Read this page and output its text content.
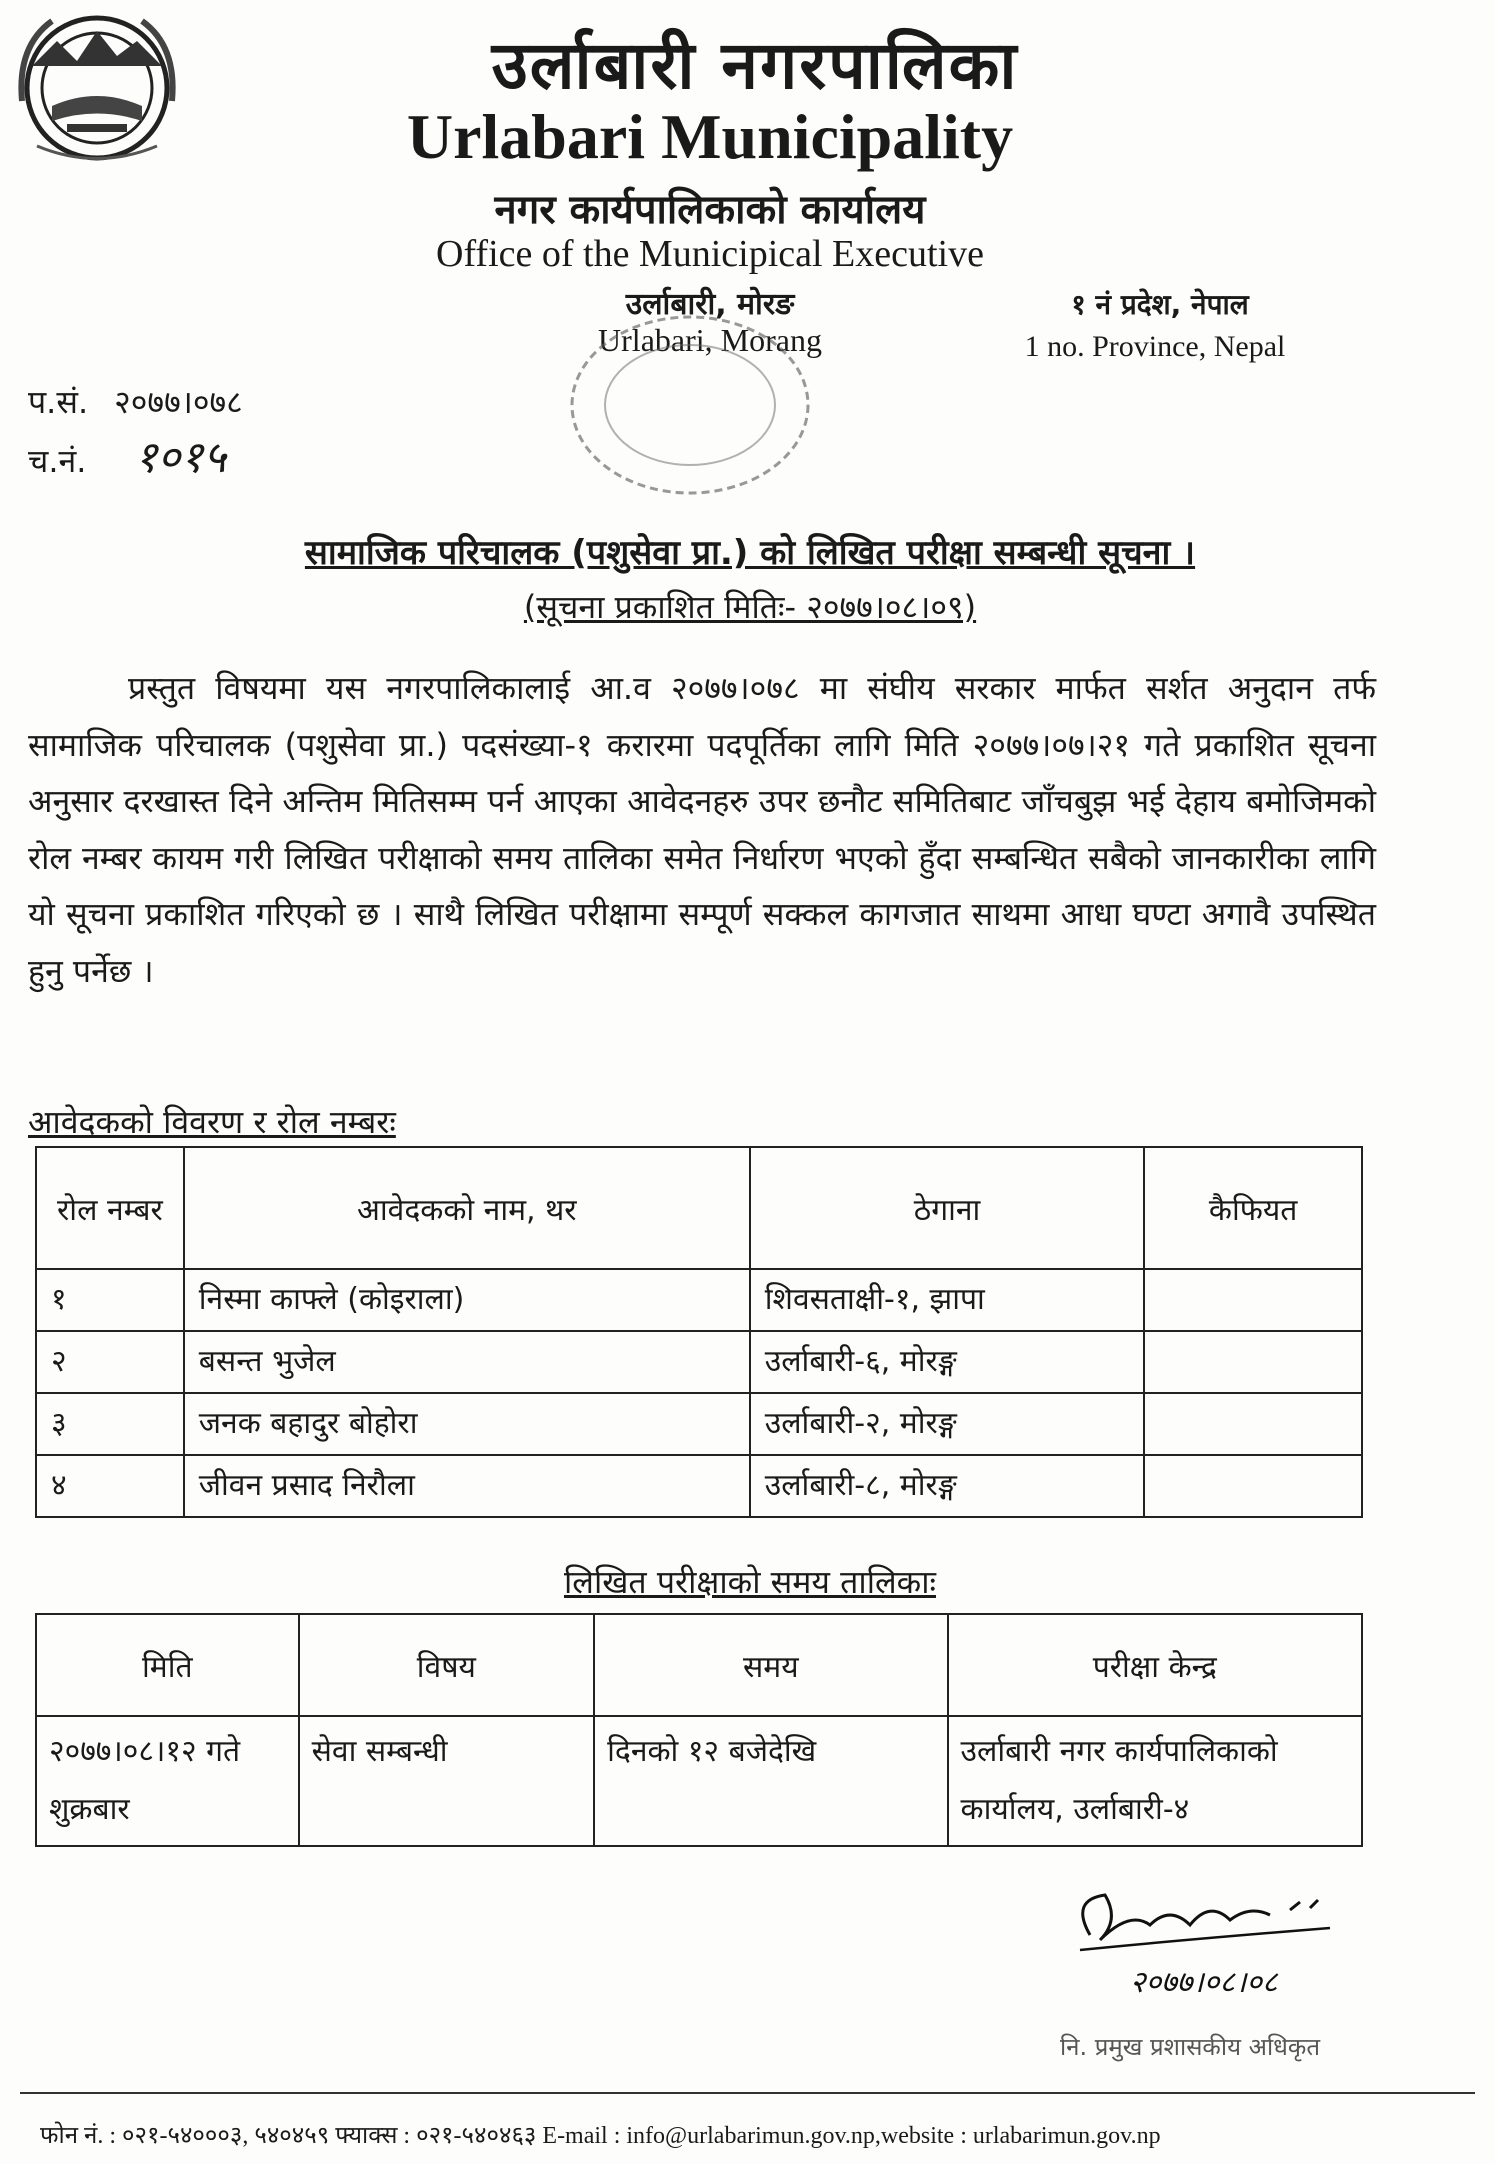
उर्लाबारी नगरपालिका
Urlabari Municipality
नगर कार्यपालिकाको कार्यालय
Office of the Municipical Executive
उर्लाबारी, मोरङ
Urlabari, Morang
१ नं प्रदेश, नेपाल
1 no. Province, Nepal
प.सं. २०७७।०७८
च.नं. १०१५
सामाजिक परिचालक (पशुसेवा प्रा.) को लिखित परीक्षा सम्बन्धी सूचना ।
(सूचना प्रकाशित मितिः- २०७७।०८।०९)
प्रस्तुत विषयमा यस नगरपालिकालाई आ.व २०७७।०७८ मा संघीय सरकार मार्फत सर्शत अनुदान तर्फ सामाजिक परिचालक (पशुसेवा प्रा.) पदसंख्या-१ करारमा पदपूर्तिका लागि मिति २०७७।०७।२१ गते प्रकाशित सूचना अनुसार दरखास्त दिने अन्तिम मितिसम्म पर्न आएका आवेदनहरु उपर छनौट समितिबाट जाँचबुझ भई देहाय बमोजिमको रोल नम्बर कायम गरी लिखित परीक्षाको समय तालिका समेत निर्धारण भएको हुँदा सम्बन्धित सबैको जानकारीका लागि यो सूचना प्रकाशित गरिएको छ । साथै लिखित परीक्षामा सम्पूर्ण सक्कल कागजात साथमा आधा घण्टा अगावै उपस्थित हुनु पर्नेछ ।
आवेदकको विवरण र रोल नम्बरः
रोल नम्बर	आवेदकको नाम, थर	ठेगाना	कैफियत
१	निस्मा काफ्ले (कोइराला)	शिवसताक्षी-१, झापा	
२	बसन्त भुजेल	उर्लाबारी-६, मोरङ्ग	
३	जनक बहादुर बोहोरा	उर्लाबारी-२, मोरङ्ग	
४	जीवन प्रसाद निरौला	उर्लाबारी-८, मोरङ्ग	
लिखित परीक्षाको समय तालिकाः
मिति	विषय	समय	परीक्षा केन्द्र
२०७७।०८।१२ गते शुक्रबार	सेवा सम्बन्धी	दिनको १२ बजेदेखि	उर्लाबारी नगर कार्यपालिकाको कार्यालय, उर्लाबारी-४
२०७७।०८।०८
नि. प्रमुख प्रशासकीय अधिकृत
फोन नं. : ०२१-५४०००३, ५४०४५९ फ्याक्स : ०२१-५४०४६३ E-mail : info@urlabarimun.gov.np,website : urlabarimun.gov.np
